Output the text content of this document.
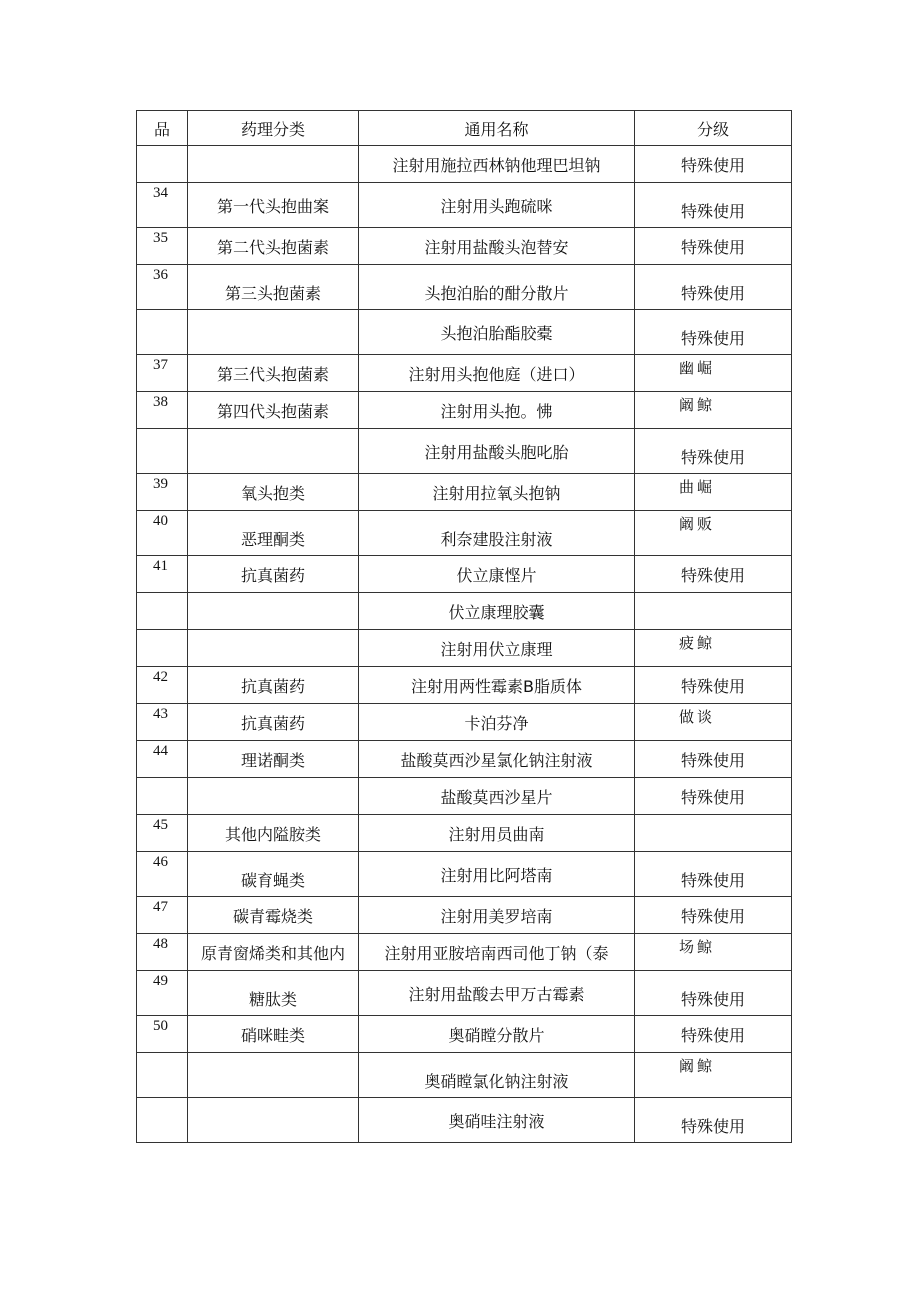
品	药理分类	通用名称	分级
		注射用施拉西林钠他理巴坦钠	特殊使用
34	第一代头抱曲案	注射用头跑硫咪	特殊使用
35	第二代头抱菌素	注射用盐酸头泡替安	特殊使用
36	第三头抱菌素	头抱泊胎的酣分散片	特殊使用
		头抱泊胎酯胶橐	特殊使用
37	第三代头抱菌素	注射用头抱他庭（进口）	幽崛
38	第四代头抱菌素	注射用头抱。怫	阚鲸
		注射用盐酸头胞叱胎	特殊使用
39	氧头抱类	注射用拉氧头抱钠	曲崛
40	恶理酮类	利奈建股注射液	阚贩
41	抗真菌药	伏立康悭片	特殊使用
		伏立康理胶囊	
		注射用伏立康理	疲鲸
42	抗真菌药	注射用两性霉素B脂质体	特殊使用
43	抗真菌药	卡泊芬净	做谈
44	理诺酮类	盐酸莫西沙星氯化钠注射液	特殊使用
		盐酸莫西沙星片	特殊使用
45	其他内隘胺类	注射用员曲南	
46	碳育蝇类	注射用比阿塔南	特殊使用
47	碳青霉烧类	注射用美罗培南	特殊使用
48	原青窗烯类和其他内	注射用亚胺培南西司他丁钠（泰	场鲸
49	糖肽类	注射用盐酸去甲万古霉素	特殊使用
50	硝咪畦类	奥硝瞠分散片	特殊使用
		奥硝瞠氯化钠注射液	阚鲸
		奥硝哇注射液	特殊使用
